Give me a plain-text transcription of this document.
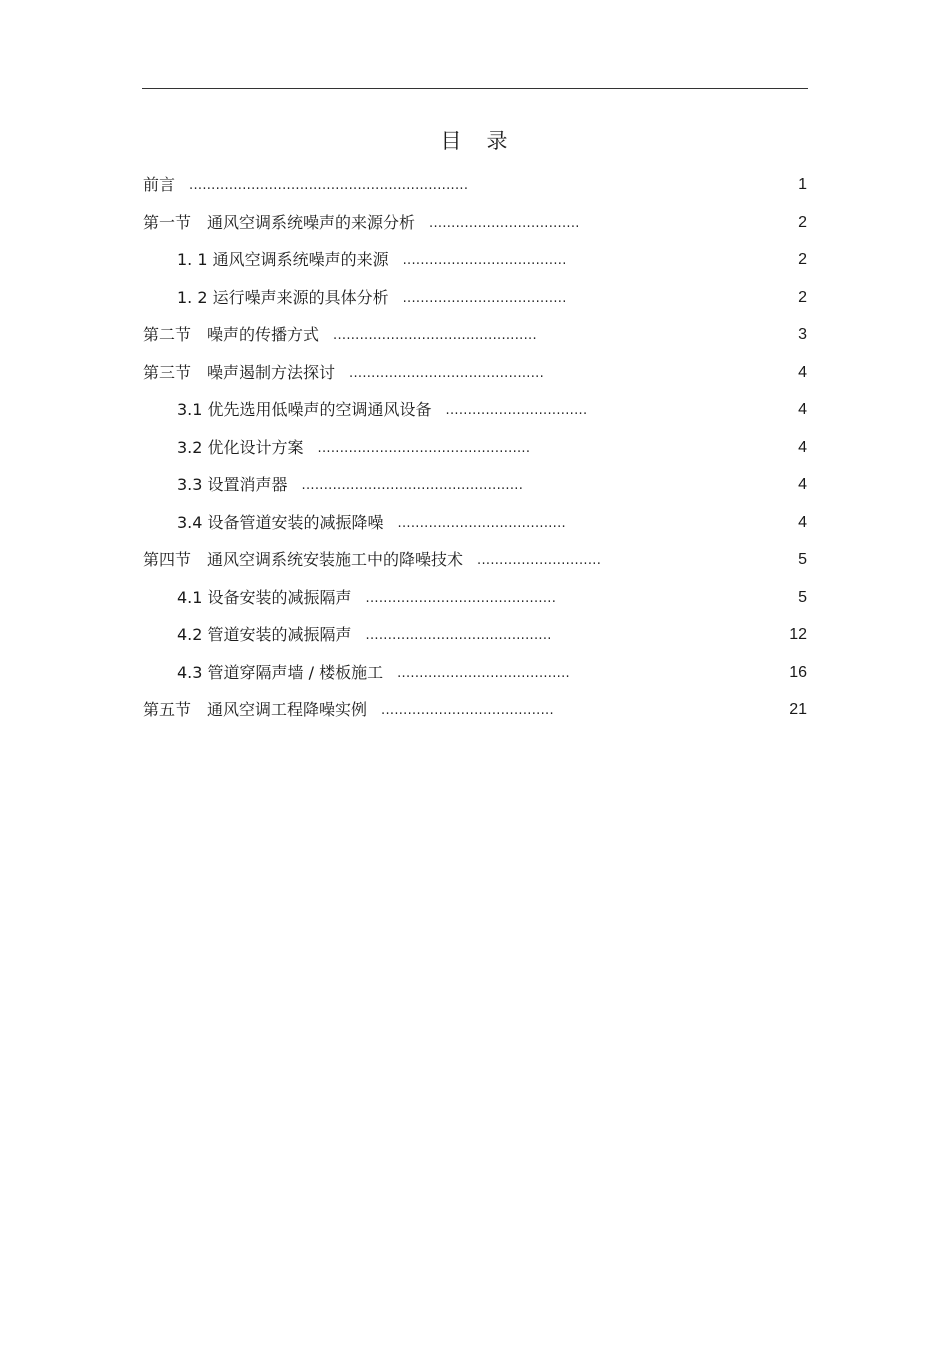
目　录
前言 ...............................................................	1
第一节　通风空调系统噪声的来源分析 ..................................	2
1. 1 通风空调系统噪声的来源 .....................................	2
1. 2 运行噪声来源的具体分析 .....................................	2
第二节　噪声的传播方式 ..............................................	3
第三节　噪声遏制方法探讨 ............................................	4
3.1 优先选用低噪声的空调通风设备 ................................	4
3.2 优化设计方案 ................................................	4
3.3 设置消声器 ..................................................	4
3.4 设备管道安装的减振降噪 ......................................	4
第四节　通风空调系统安装施工中的降噪技术 ............................	5
4.1 设备安装的减振隔声 ...........................................	5
4.2 管道安装的减振隔声 ..........................................	12
4.3 管道穿隔声墙 / 楼板施工 .......................................	16
第五节　通风空调工程降噪实例 .......................................	21
